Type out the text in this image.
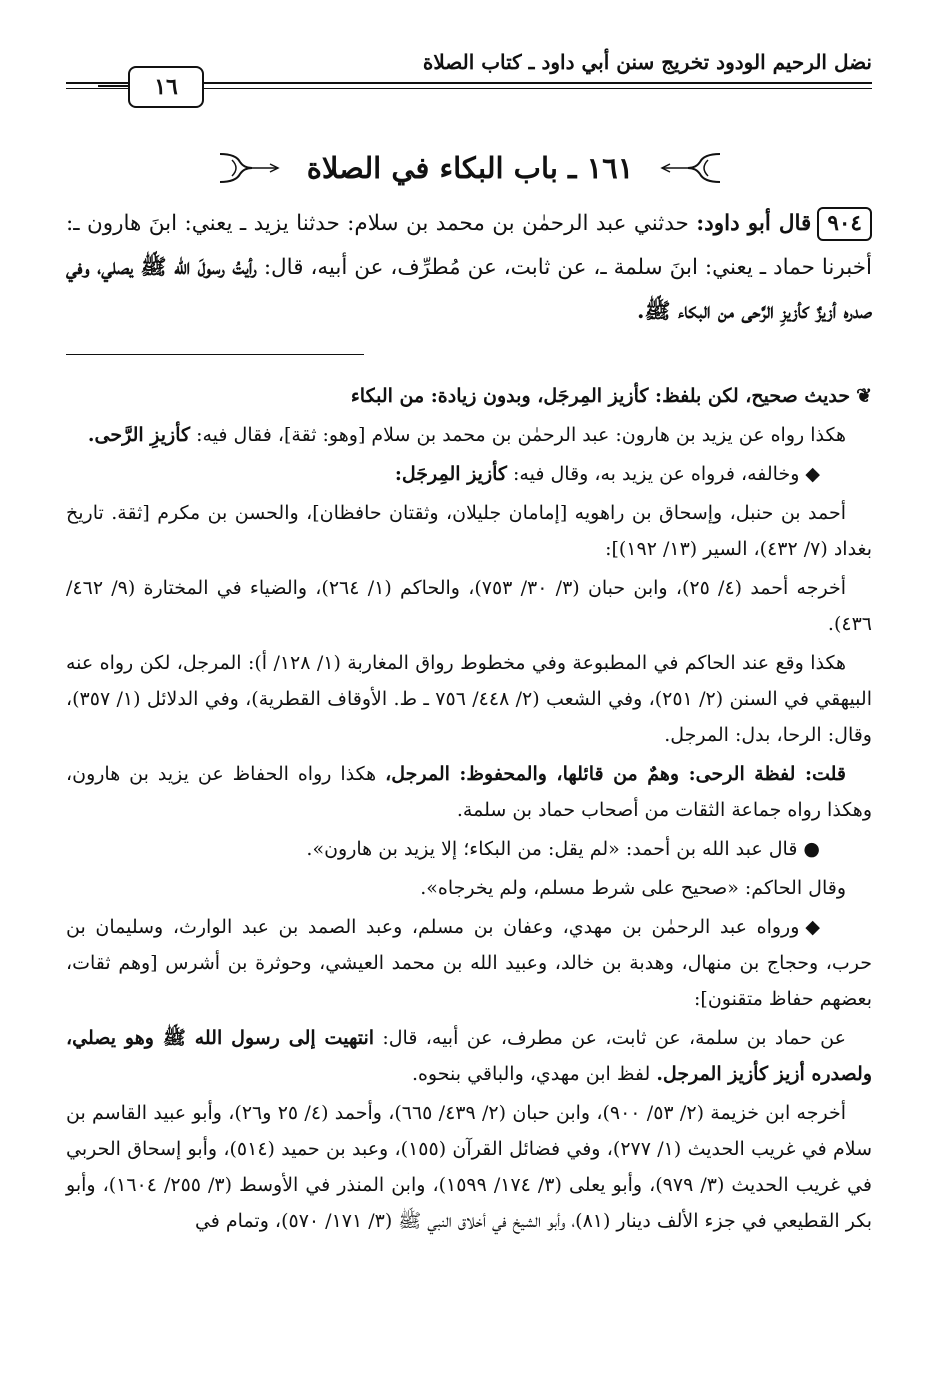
نضل الرحيم الودود تخريج سنن أبي داود ـ كتاب الصلاة
١٦
١٦١ ـ باب البكاء في الصلاة
٩٠٤قال أبو داود: حدثني عبد الرحمٰن بن محمد بن سلام: حدثنا يزيد ـ يعني: ابنَ هارون ـ: أخبرنا حماد ـ يعني: ابنَ سلمة ـ، عن ثابت، عن مُطرِّف، عن أبيه، قال: رأيتُ رسولَ الله ﷺ يصلي، وفي صدره أزيزٌ كأزيزِ الرَّحى من البكاء ﷺ.

❦حديث صحيح، لكن بلفظ: كأزيز المِرجَل، وبدون زيادة: من البكاء

هكذا رواه عن يزيد بن هارون: عبد الرحمٰن بن محمد بن سلام [وهو: ثقة]، فقال فيه: كأزيزِ الرَّحى.

◆وخالفه، فرواه عن يزيد به، وقال فيه: كأزيز المِرجَل:

أحمد بن حنبل، وإسحاق بن راهويه [إمامان جليلان، وثقتان حافظان]، والحسن بن مكرم [ثقة. تاريخ بغداد (٧/ ٤٣٢)، السير (١٣/ ١٩٢)]:

أخرجه أحمد (٤/ ٢٥)، وابن حبان (٣/ ٣٠/ ٧٥٣)، والحاكم (١/ ٢٦٤)، والضياء في المختارة (٩/ ٤٦٢/ ٤٣٦).

هكذا وقع عند الحاكم في المطبوعة وفي مخطوط رواق المغاربة (١/ ١٢٨/ أ): المرجل، لكن رواه عنه البيهقي في السنن (٢/ ٢٥١)، وفي الشعب (٢/ ٤٤٨/ ٧٥٦ ـ ط. الأوقاف القطرية)، وفي الدلائل (١/ ٣٥٧)، وقال: الرحا، بدل: المرجل.

قلت: لفظة الرحى: وهمٌ من قائلها، والمحفوظ: المرجل، هكذا رواه الحفاظ عن يزيد بن هارون، وهكذا رواه جماعة الثقات من أصحاب حماد بن سلمة.

●قال عبد الله بن أحمد: «لم يقل: من البكاء؛ إلا يزيد بن هارون».

وقال الحاكم: «صحيح على شرط مسلم، ولم يخرجاه».

◆ورواه عبد الرحمٰن بن مهدي، وعفان بن مسلم، وعبد الصمد بن عبد الوارث، وسليمان بن حرب، وحجاج بن منهال، وهدبة بن خالد، وعبيد الله بن محمد العيشي، وحوثرة بن أشرس [وهم ثقات، بعضهم حفاظ متقنون]:

عن حماد بن سلمة، عن ثابت، عن مطرف، عن أبيه، قال: انتهيت إلى رسول الله ﷺ وهو يصلي، ولصدره أزيز كأزيز المرجل. لفظ ابن مهدي، والباقي بنحوه.

أخرجه ابن خزيمة (٢/ ٥٣/ ٩٠٠)، وابن حبان (٢/ ٤٣٩/ ٦٦٥)، وأحمد (٤/ ٢٥ و٢٦)، وأبو عبيد القاسم بن سلام في غريب الحديث (١/ ٢٧٧)، وفي فضائل القرآن (١٥٥)، وعبد بن حميد (٥١٤)، وأبو إسحاق الحربي في غريب الحديث (٣/ ٩٧٩)، وأبو يعلى (٣/ ١٧٤/ ١٥٩٩)، وابن المنذر في الأوسط (٣/ ٢٥٥/ ١٦٠٤)، وأبو بكر القطيعي في جزء الألف دينار (٨١)، وأبو الشيخ في أخلاق النبي ﷺ (٣/ ١٧١/ ٥٧٠)، وتمام في
